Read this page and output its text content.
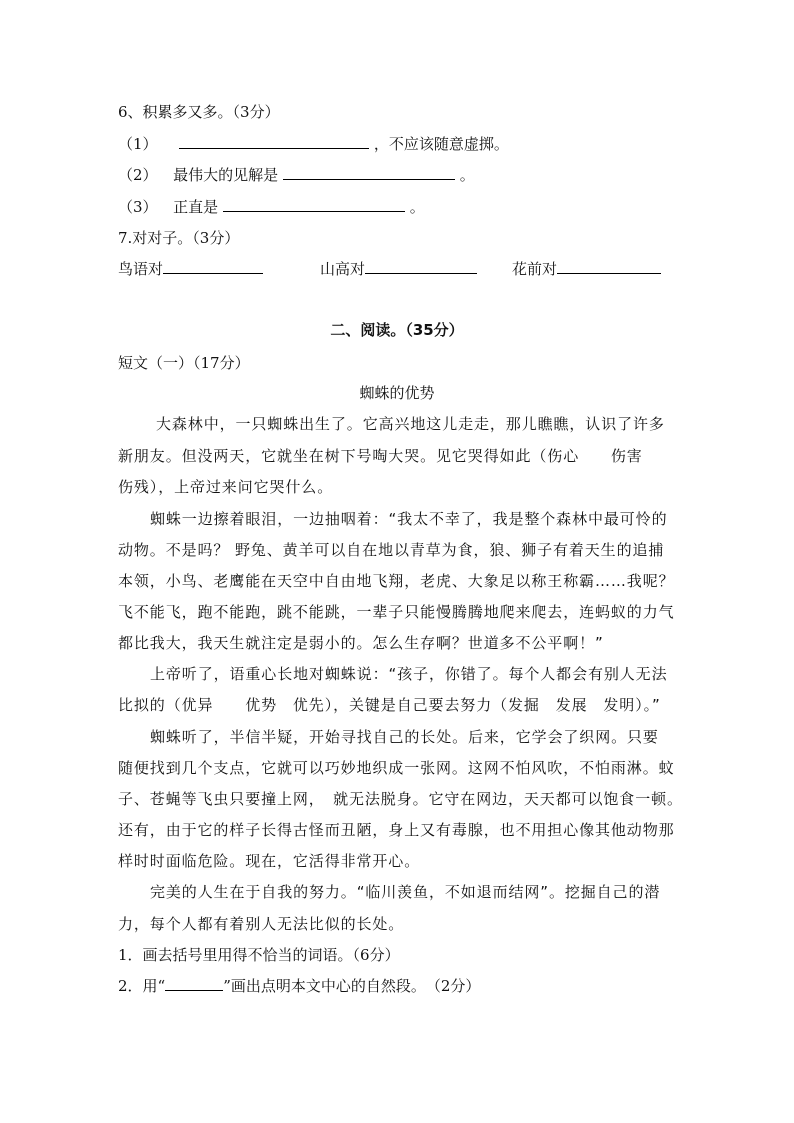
6、积累多又多。（3分）
（1）	，不应该随意虚掷。
（2） 最伟大的见解是	。
（3） 正直是	。
7.对对子。（3分）
鸟语对	山高对	花前对
二、阅读。（35分）
短文（一）（17分）
蜘蛛的优势
大森林中，一只蜘蛛出生了。它高兴地这儿走走，那儿瞧瞧，认识了许多
新朋友。但没两天，它就坐在树下号啕大哭。见它哭得如此（伤心　　伤害
伤残），上帝过来问它哭什么。
蜘蛛一边擦着眼泪，一边抽咽着：“我太不幸了，我是整个森林中最可怜的
动物。不是吗？ 野兔、黄羊可以自在地以青草为食，狼、狮子有着天生的追捕
本领，小鸟、老鹰能在天空中自由地飞翔，老虎、大象足以称王称霸……我呢？
飞不能飞，跑不能跑，跳不能跳，一辈子只能慢腾腾地爬来爬去，连蚂蚁的力气
都比我大，我天生就注定是弱小的。怎么生存啊？世道多不公平啊！”
上帝听了，语重心长地对蜘蛛说：“孩子，你错了。每个人都会有别人无法
比拟的（优异　　优势　优先），关键是自己要去努力（发掘　发展　发明）。”
蜘蛛听了，半信半疑，开始寻找自己的长处。后来，它学会了织网。只要
随便找到几个支点，它就可以巧妙地织成一张网。这网不怕风吹，不怕雨淋。蚊
子、苍蝇等飞虫只要撞上网，　就无法脱身。它守在网边，天天都可以饱食一顿。
还有，由于它的样子长得古怪而丑陋，身上又有毒腺，也不用担心像其他动物那
样时时面临危险。现在，它活得非常开心。
完美的人生在于自我的努力。“临川羡鱼，不如退而结网”。挖掘自己的潜
力，每个人都有着别人无法比似的长处。
1．画去括号里用得不恰当的词语。（6分）
2．用“	”画出点明本文中心的自然段。　（2分）
